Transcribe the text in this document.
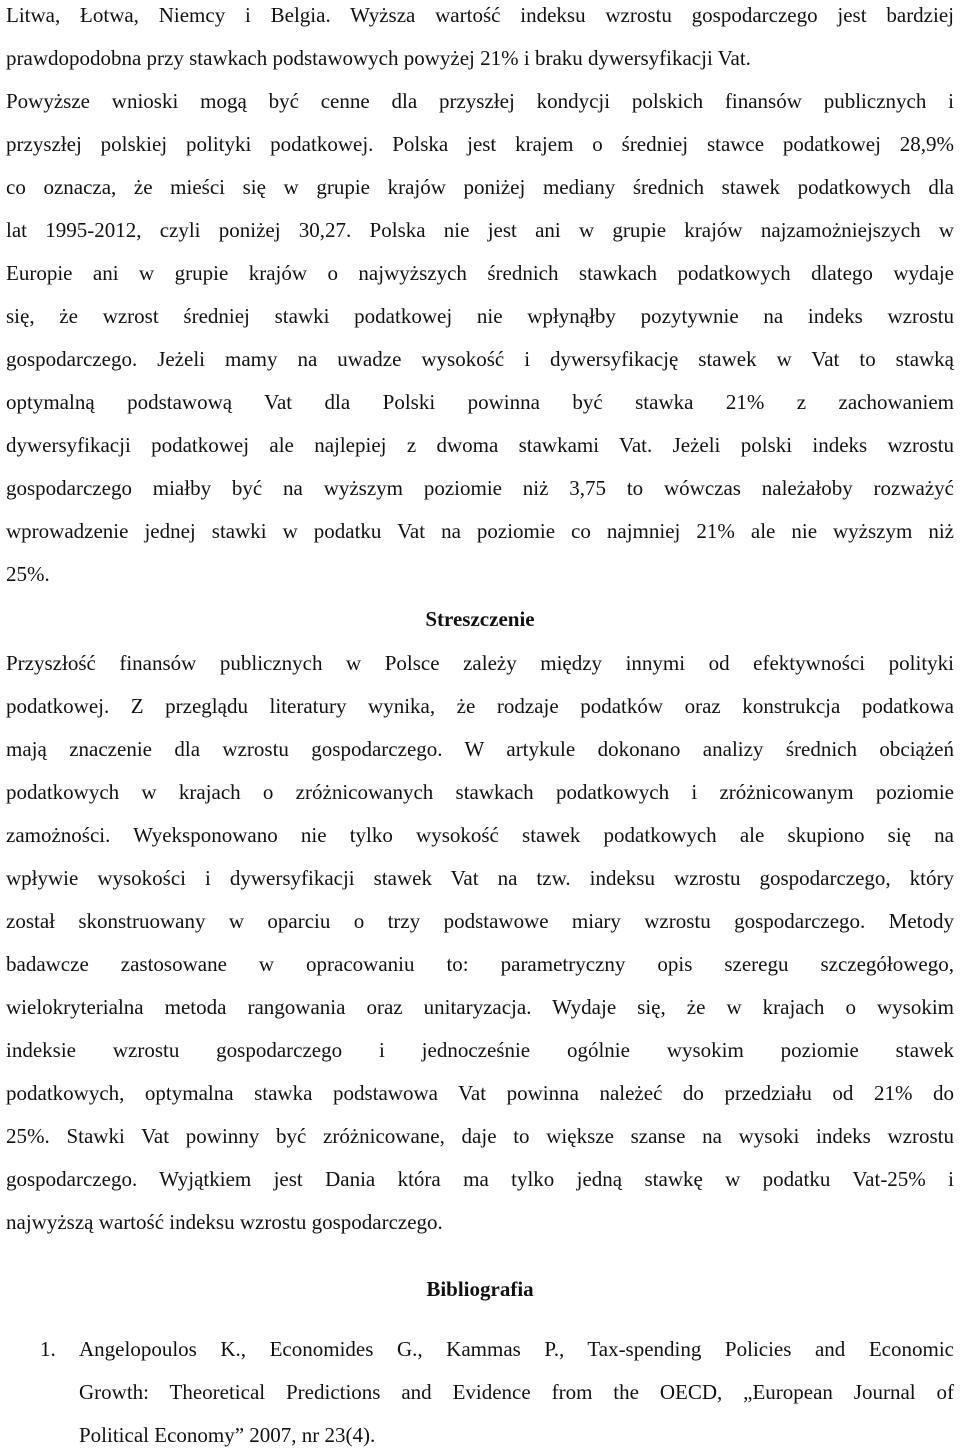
Litwa, Łotwa, Niemcy i Belgia. Wyższa wartość indeksu wzrostu gospodarczego jest bardziej
prawdopodobna przy stawkach podstawowych powyżej 21% i braku dywersyfikacji Vat.
Powyższe wnioski mogą być cenne dla przyszłej kondycji polskich finansów publicznych i
przyszłej polskiej polityki podatkowej. Polska jest krajem o średniej stawce podatkowej 28,9%
co oznacza, że mieści się w grupie krajów poniżej mediany średnich stawek podatkowych dla
lat 1995-2012, czyli poniżej 30,27. Polska nie jest ani w grupie krajów najzamożniejszych w
Europie ani w grupie krajów o najwyższych średnich stawkach podatkowych dlatego wydaje
się, że wzrost średniej stawki podatkowej nie wpłynąłby pozytywnie na indeks wzrostu
gospodarczego. Jeżeli mamy na uwadze wysokość i dywersyfikację stawek w Vat to stawką
optymalną podstawową Vat dla Polski powinna być stawka 21% z zachowaniem
dywersyfikacji podatkowej ale najlepiej z dwoma stawkami Vat. Jeżeli polski indeks wzrostu
gospodarczego miałby być na wyższym poziomie niż 3,75 to wówczas należałoby rozważyć
wprowadzenie jednej stawki w podatku Vat na poziomie co najmniej 21% ale nie wyższym niż
25%.
Streszczenie
Przyszłość finansów publicznych w Polsce zależy między innymi od efektywności polityki
podatkowej. Z przeglądu literatury wynika, że rodzaje podatków oraz konstrukcja podatkowa
mają znaczenie dla wzrostu gospodarczego. W artykule dokonano analizy średnich obciążeń
podatkowych w krajach o zróżnicowanych stawkach podatkowych i zróżnicowanym poziomie
zamożności. Wyeksponowano nie tylko wysokość stawek podatkowych ale skupiono się na
wpływie wysokości i dywersyfikacji stawek Vat na tzw. indeksu wzrostu gospodarczego, który
został skonstruowany w oparciu o trzy podstawowe miary wzrostu gospodarczego. Metody
badawcze zastosowane w opracowaniu to: parametryczny opis szeregu szczegółowego,
wielokryterialna metoda rangowania oraz unitaryzacja. Wydaje się, że w krajach o wysokim
indeksie wzrostu gospodarczego i jednocześnie ogólnie wysokim poziomie stawek
podatkowych, optymalna stawka podstawowa Vat powinna należeć do przedziału od 21% do
25%. Stawki Vat powinny być zróżnicowane, daje to większe szanse na wysoki indeks wzrostu
gospodarczego. Wyjątkiem jest Dania która ma tylko jedną stawkę w podatku Vat-25% i
najwyższą wartość indeksu wzrostu gospodarczego.
Bibliografia
1. Angelopoulos K., Economides G., Kammas P., Tax-spending Policies and Economic
Growth: Theoretical Predictions and Evidence from the OECD, „European Journal of
Political Economy” 2007, nr 23(4).
